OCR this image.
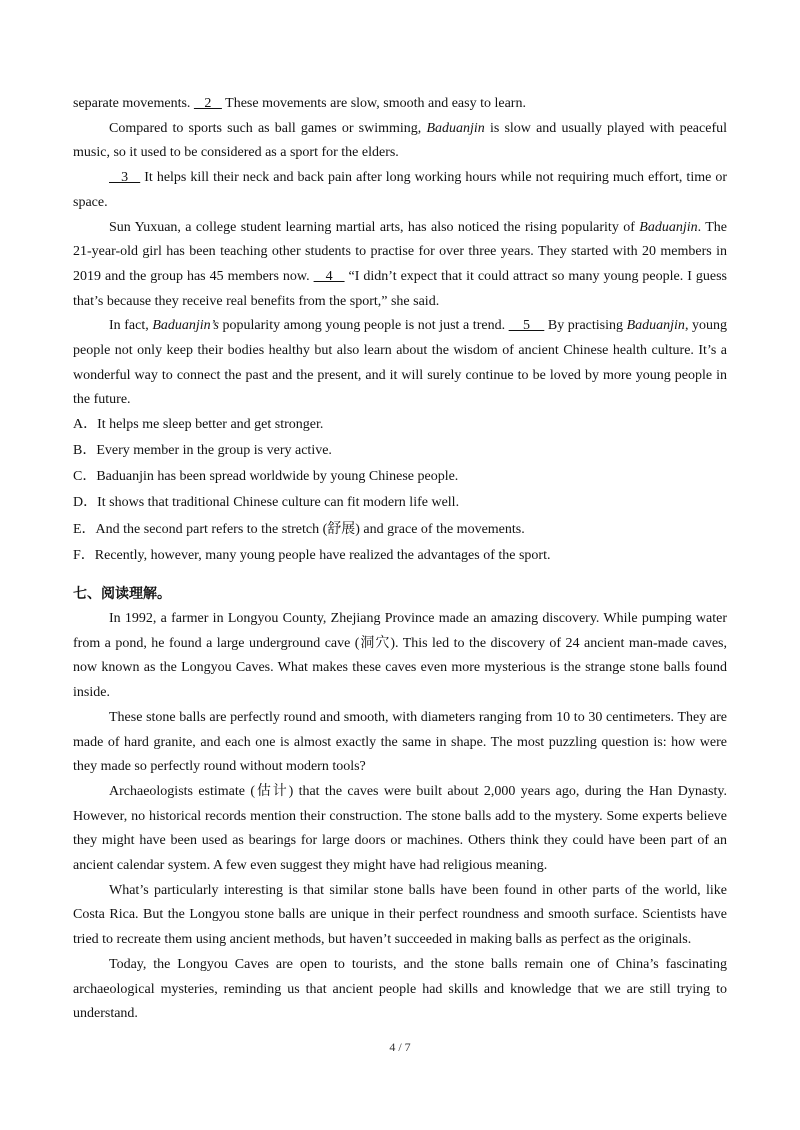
separate movements.    2    These movements are slow, smooth and easy to learn.

Compared to sports such as ball games or swimming, Baduanjin is slow and usually played with peaceful music, so it used to be considered as a sport for the elders.

3    It helps kill their neck and back pain after long working hours while not requiring much effort, time or space.

Sun Yuxuan, a college student learning martial arts, has also noticed the rising popularity of Baduanjin. The 21-year-old girl has been teaching other students to practise for over three years. They started with 20 members in 2019 and the group has 45 members now.    4    “I didn’t expect that it could attract so many young people. I guess that’s because they receive real benefits from the sport,” she said.

In fact, Baduanjin’s popularity among young people is not just a trend.     5     By practising Baduanjin, young people not only keep their bodies healthy but also learn about the wisdom of ancient Chinese health culture. It’s a wonderful way to connect the past and the present, and it will surely continue to be loved by more young people in the future.

A．It helps me sleep better and get stronger.

B．Every member in the group is very active.

C．Baduanjin has been spread worldwide by young Chinese people.

D．It shows that traditional Chinese culture can fit modern life well.

E．And the second part refers to the stretch (舒展) and grace of the movements.

F．Recently, however, many young people have realized the advantages of the sport.

七、阅读理解。

In 1992, a farmer in Longyou County, Zhejiang Province made an amazing discovery. While pumping water from a pond, he found a large underground cave (洞穴). This led to the discovery of 24 ancient man-made caves, now known as the Longyou Caves. What makes these caves even more mysterious is the strange stone balls found inside.

These stone balls are perfectly round and smooth, with diameters ranging from 10 to 30 centimeters. They are made of hard granite, and each one is almost exactly the same in shape. The most puzzling question is: how were they made so perfectly round without modern tools?

Archaeologists estimate (估计) that the caves were built about 2,000 years ago, during the Han Dynasty. However, no historical records mention their construction. The stone balls add to the mystery. Some experts believe they might have been used as bearings for large doors or machines. Others think they could have been part of an ancient calendar system. A few even suggest they might have had religious meaning.

What’s particularly interesting is that similar stone balls have been found in other parts of the world, like Costa Rica. But the Longyou stone balls are unique in their perfect roundness and smooth surface. Scientists have tried to recreate them using ancient methods, but haven’t succeeded in making balls as perfect as the originals.

Today, the Longyou Caves are open to tourists, and the stone balls remain one of China’s fascinating archaeological mysteries, reminding us that ancient people had skills and knowledge that we are still trying to understand.

4 / 7
